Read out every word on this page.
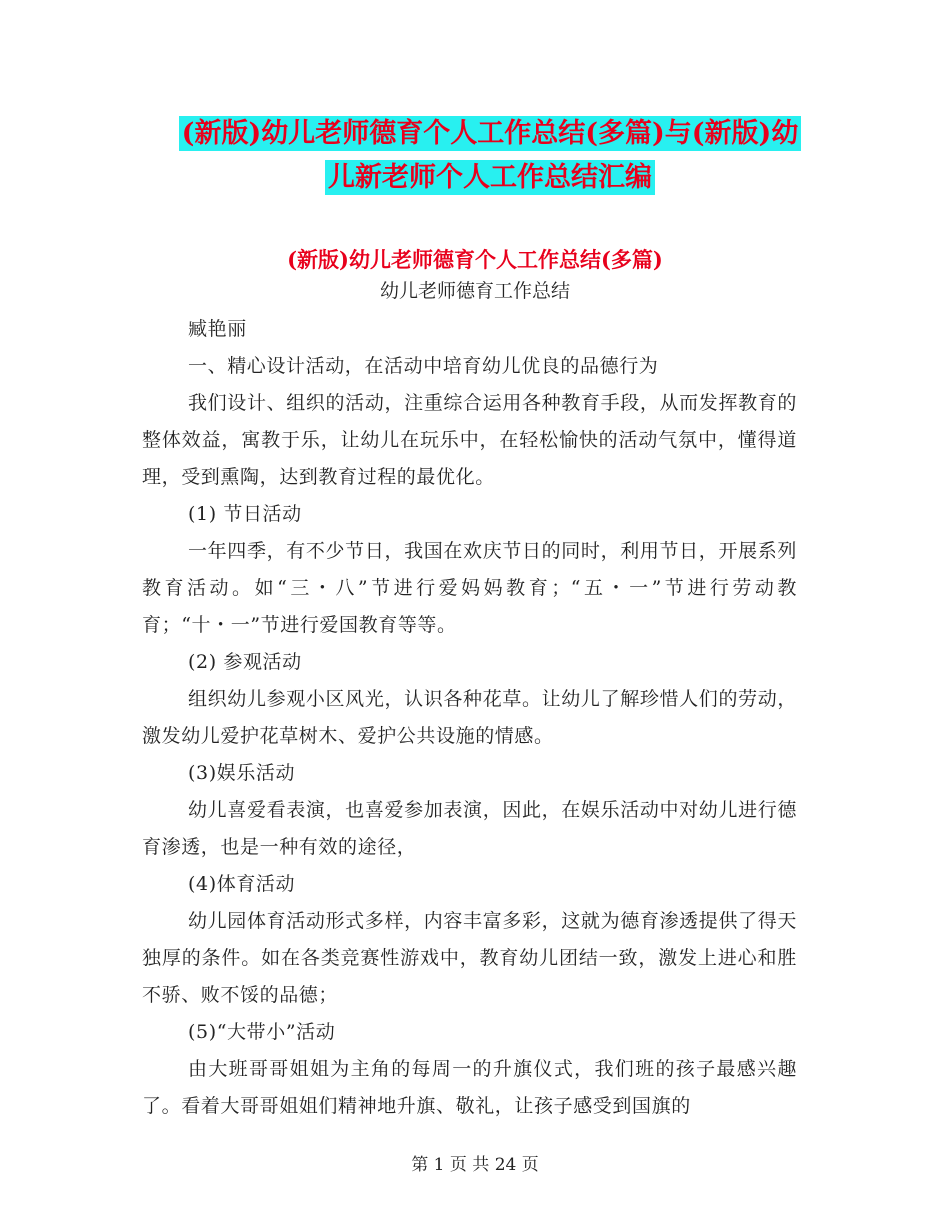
(新版)幼儿老师德育个人工作总结(多篇)与(新版)幼
儿新老师个人工作总结汇编
(新版)幼儿老师德育个人工作总结(多篇)
幼儿老师德育工作总结

臧艳丽

一、精心设计活动，在活动中培育幼儿优良的品德行为

我们设计、组织的活动，注重综合运用各种教育手段，从而发挥教育的整体效益，寓教于乐，让幼儿在玩乐中，在轻松愉快的活动气氛中，懂得道理，受到熏陶，达到教育过程的最优化。

(1) 节日活动

一年四季，有不少节日，我国在欢庆节日的同时，利用节日，开展系列教育活动。如“三・八”节进行爱妈妈教育；“五・一”节进行劳动教育；“十・一”节进行爱国教育等等。

(2) 参观活动

组织幼儿参观小区风光，认识各种花草。让幼儿了解珍惜人们的劳动，激发幼儿爱护花草树木、爱护公共设施的情感。

(3)娱乐活动

幼儿喜爱看表演，也喜爱参加表演，因此，在娱乐活动中对幼儿进行德育渗透，也是一种有效的途径，

(4)体育活动

幼儿园体育活动形式多样，内容丰富多彩，这就为德育渗透提供了得天独厚的条件。如在各类竞赛性游戏中，教育幼儿团结一致，激发上进心和胜不骄、败不馁的品德；

(5)“大带小”活动

由大班哥哥姐姐为主角的每周一的升旗仪式，我们班的孩子最感兴趣了。看着大哥哥姐姐们精神地升旗、敬礼，让孩子感受到国旗的

第 1 页 共 24 页
